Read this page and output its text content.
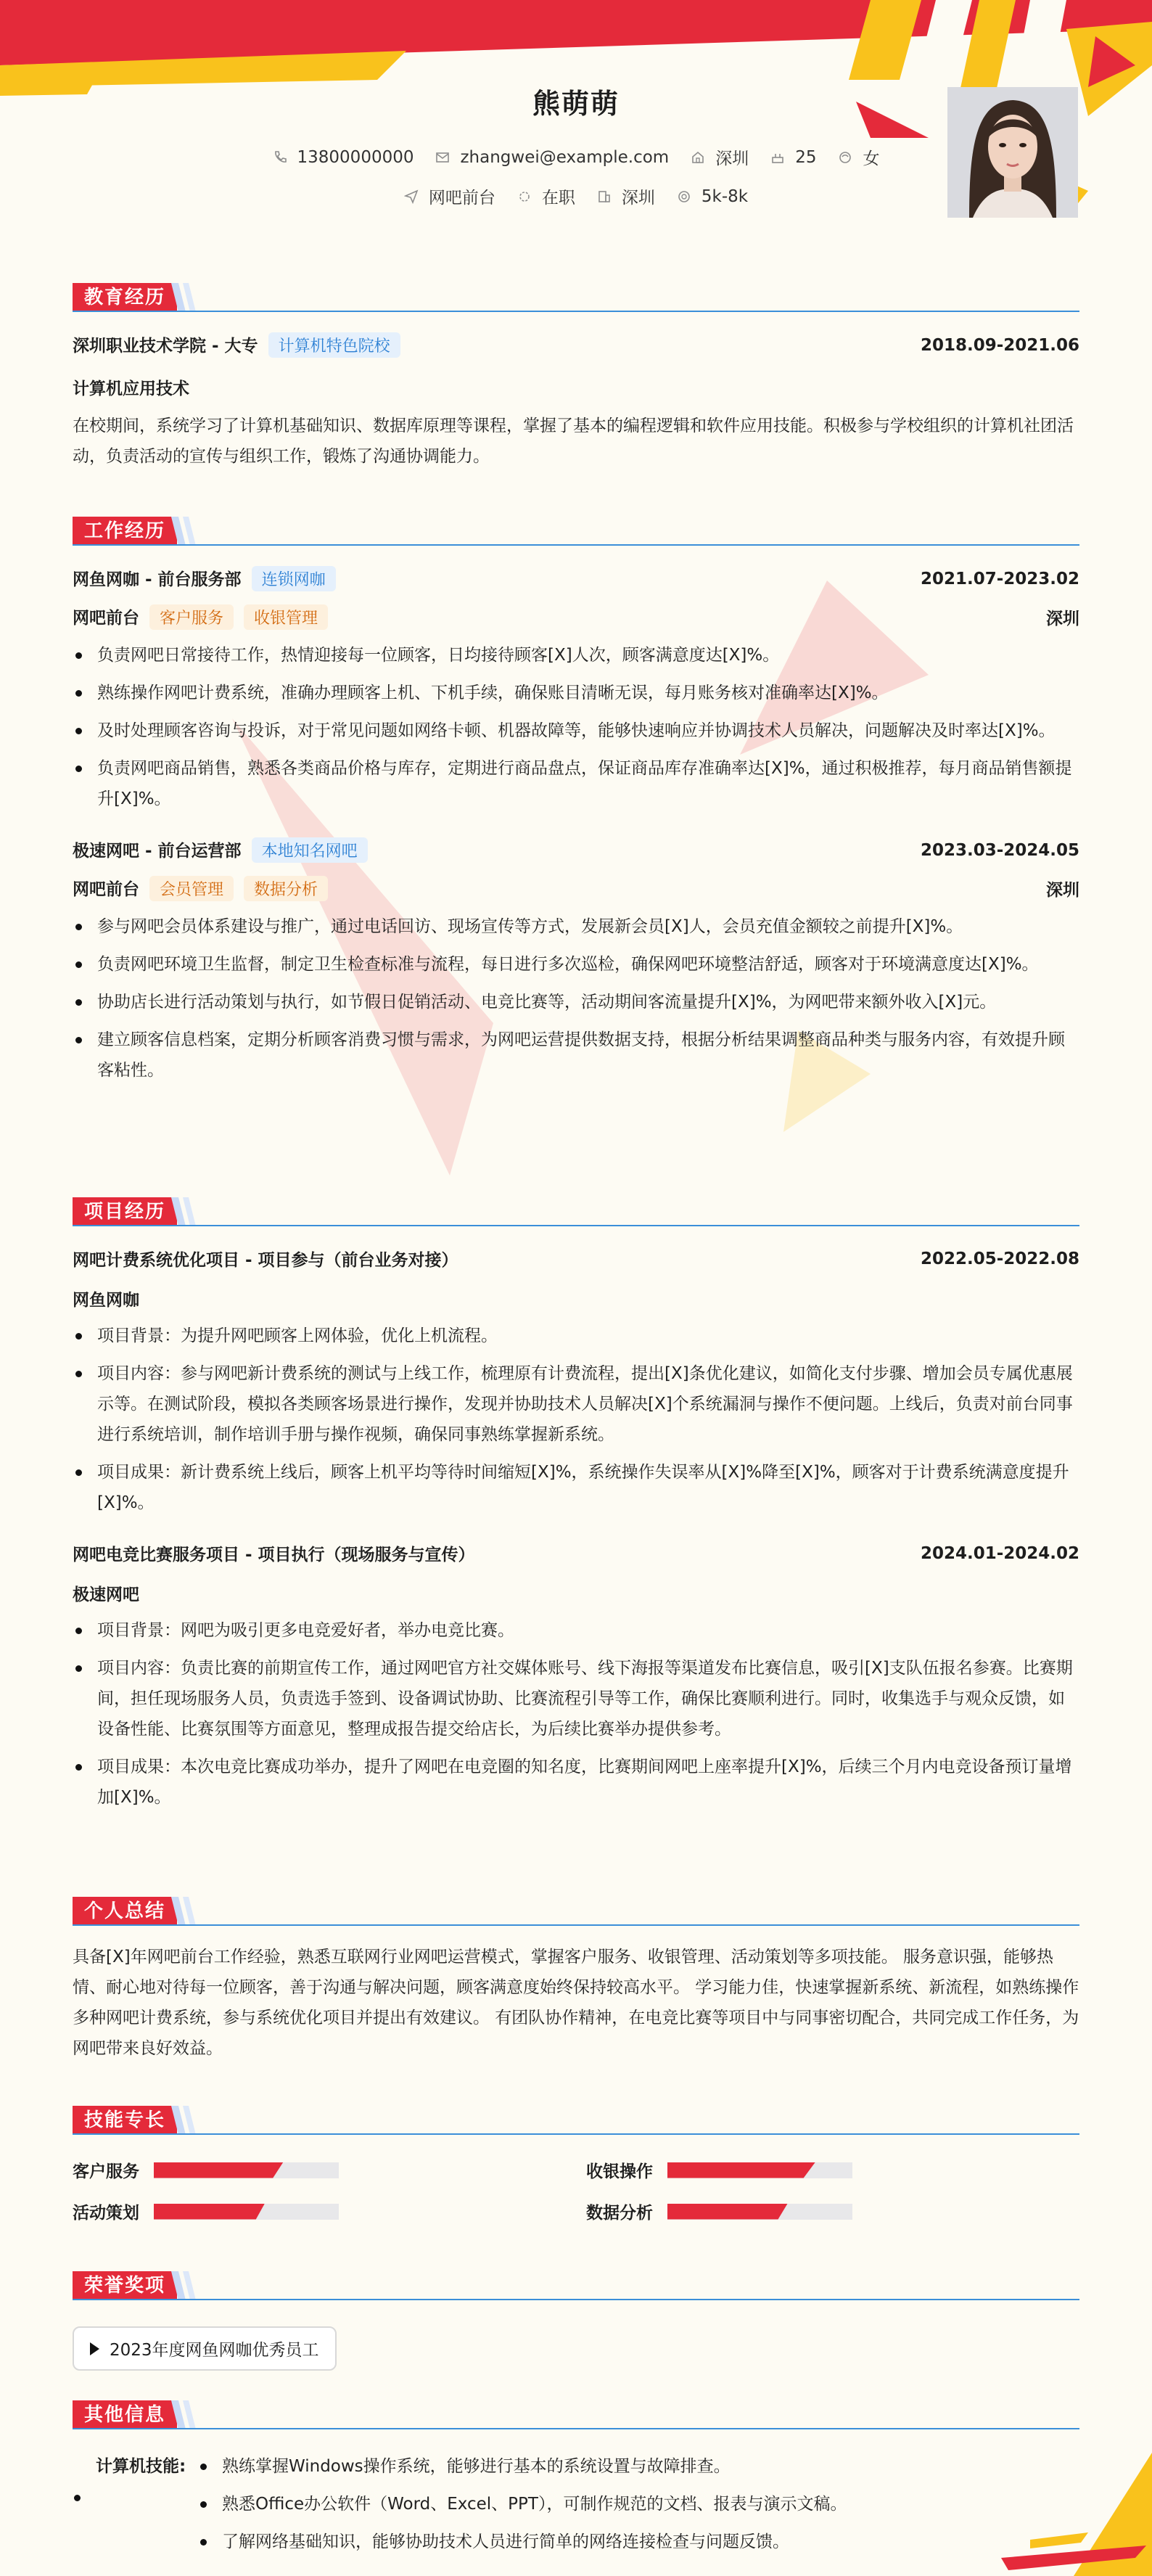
熊萌萌
13800000000	zhangwei@example.com	深圳	25	女
网吧前台	在职	深圳	5k-8k
教育经历
深圳职业技术学院 - 大专 计算机特色院校	2018.09-2021.06
计算机应用技术

在校期间，系统学习了计算机基础知识、数据库原理等课程，掌握了基本的编程逻辑和软件应用技能。积极参与学校组织的计算机社团活动，负责活动的宣传与组织工作，锻炼了沟通协调能力。

工作经历
网鱼网咖 - 前台服务部 连锁网咖	2021.07-2023.02
网吧前台 客户服务 收银管理	深圳
负责网吧日常接待工作，热情迎接每一位顾客，日均接待顾客[X]人次，顾客满意度达[X]%。
熟练操作网吧计费系统，准确办理顾客上机、下机手续，确保账目清晰无误，每月账务核对准确率达[X]%。
及时处理顾客咨询与投诉，对于常见问题如网络卡顿、机器故障等，能够快速响应并协调技术人员解决，问题解决及时率达[X]%。
负责网吧商品销售，熟悉各类商品价格与库存，定期进行商品盘点，保证商品库存准确率达[X]%，通过积极推荐，每月商品销售额提升[X]%。
极速网吧 - 前台运营部 本地知名网吧	2023.03-2024.05
网吧前台 会员管理 数据分析	深圳
参与网吧会员体系建设与推广，通过电话回访、现场宣传等方式，发展新会员[X]人，会员充值金额较之前提升[X]%。
负责网吧环境卫生监督，制定卫生检查标准与流程，每日进行多次巡检，确保网吧环境整洁舒适，顾客对于环境满意度达[X]%。
协助店长进行活动策划与执行，如节假日促销活动、电竞比赛等，活动期间客流量提升[X]%，为网吧带来额外收入[X]元。
建立顾客信息档案，定期分析顾客消费习惯与需求，为网吧运营提供数据支持，根据分析结果调整商品种类与服务内容，有效提升顾客粘性。
项目经历
网吧计费系统优化项目 - 项目参与（前台业务对接）	2022.05-2022.08
网鱼网咖
项目背景：为提升网吧顾客上网体验，优化上机流程。
项目内容：参与网吧新计费系统的测试与上线工作，梳理原有计费流程，提出[X]条优化建议，如简化支付步骤、增加会员专属优惠展示等。在测试阶段，模拟各类顾客场景进行操作，发现并协助技术人员解决[X]个系统漏洞与操作不便问题。上线后，负责对前台同事进行系统培训，制作培训手册与操作视频，确保同事熟练掌握新系统。
项目成果：新计费系统上线后，顾客上机平均等待时间缩短[X]%，系统操作失误率从[X]%降至[X]%，顾客对于计费系统满意度提升[X]%。
网吧电竞比赛服务项目 - 项目执行（现场服务与宣传）	2024.01-2024.02
极速网吧
项目背景：网吧为吸引更多电竞爱好者，举办电竞比赛。
项目内容：负责比赛的前期宣传工作，通过网吧官方社交媒体账号、线下海报等渠道发布比赛信息，吸引[X]支队伍报名参赛。比赛期间，担任现场服务人员，负责选手签到、设备调试协助、比赛流程引导等工作，确保比赛顺利进行。同时，收集选手与观众反馈，如设备性能、比赛氛围等方面意见，整理成报告提交给店长，为后续比赛举办提供参考。
项目成果：本次电竞比赛成功举办，提升了网吧在电竞圈的知名度，比赛期间网吧上座率提升[X]%，后续三个月内电竞设备预订量增加[X]%。
个人总结

具备[X]年网吧前台工作经验，熟悉互联网行业网吧运营模式，掌握客户服务、收银管理、活动策划等多项技能。 服务意识强，能够热情、耐心地对待每一位顾客，善于沟通与解决问题，顾客满意度始终保持较高水平。 学习能力佳，快速掌握新系统、新流程，如熟练操作多种网吧计费系统，参与系统优化项目并提出有效建议。 有团队协作精神，在电竞比赛等项目中与同事密切配合，共同完成工作任务，为网吧带来良好效益。

技能专长
客户服务	收银操作
活动策划	数据分析
荣誉奖项
2023年度网鱼网咖优秀员工
其他信息
计算机技能:	熟练掌握Windows操作系统，能够进行基本的系统设置与故障排查。
熟悉Office办公软件（Word、Excel、PPT），可制作规范的文档、报表与演示文稿。
了解网络基础知识，能够协助技术人员进行简单的网络连接检查与问题反馈。
